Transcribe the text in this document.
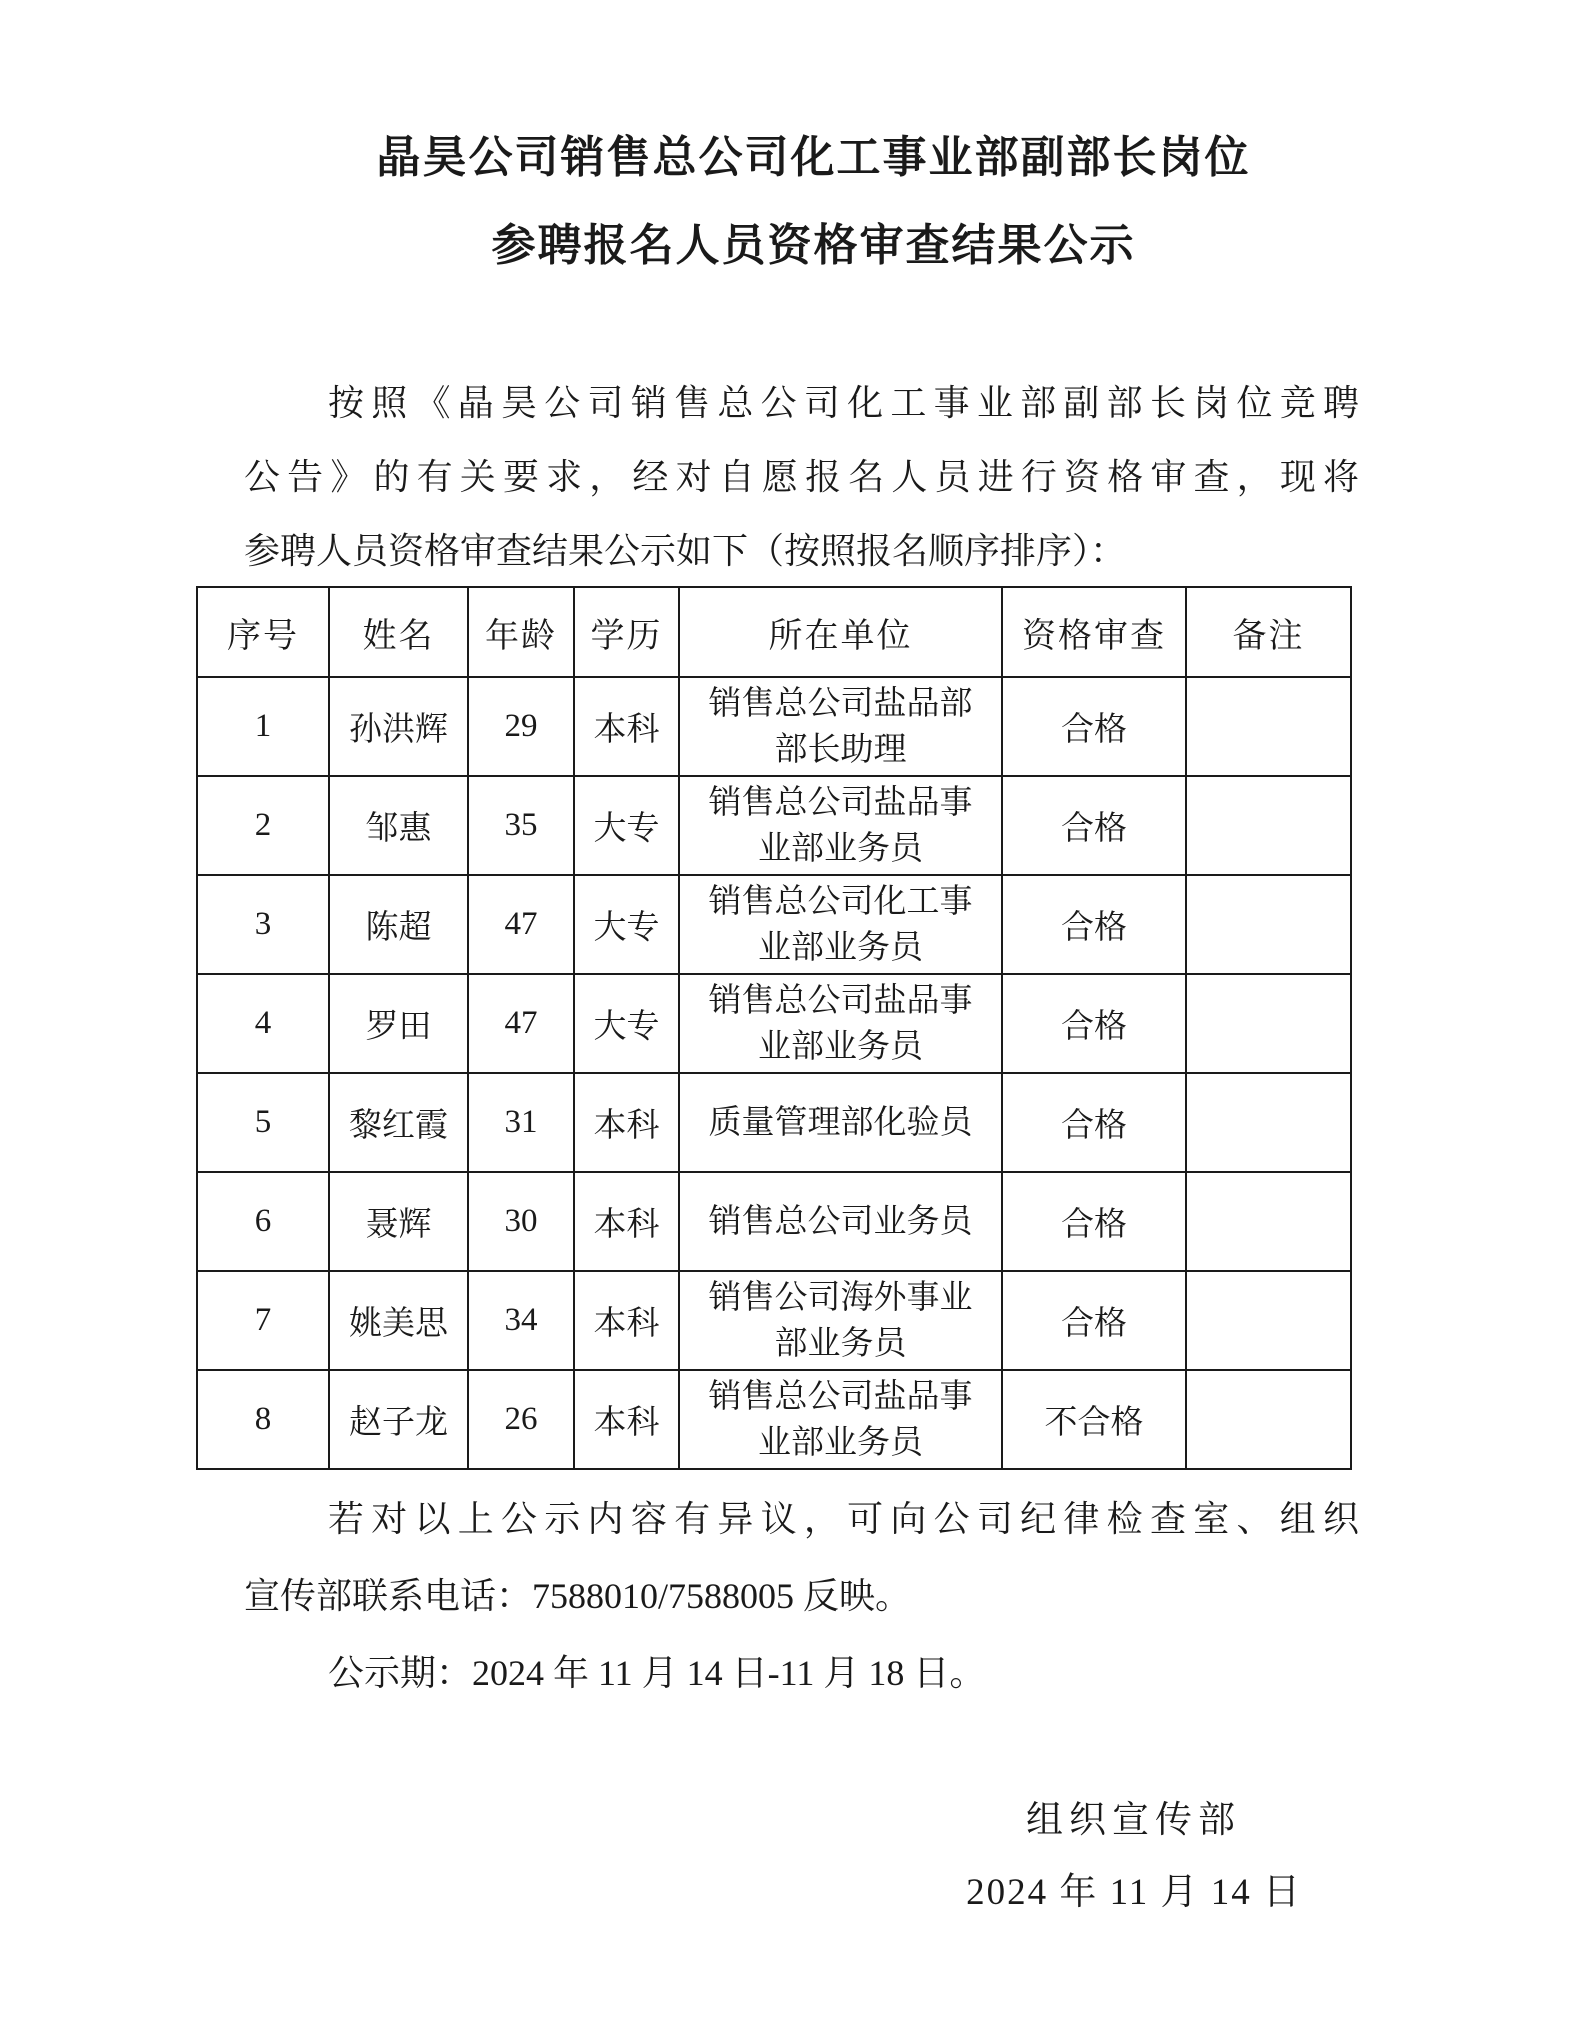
晶昊公司销售总公司化工事业部副部长岗位
参聘报名人员资格审查结果公示
按照《晶昊公司销售总公司化工事业部副部长岗位竞聘
公告》的有关要求，经对自愿报名人员进行资格审查，现将
参聘人员资格审查结果公示如下（按照报名顺序排序）：
序号	姓名	年龄	学历	所在单位	资格审查	备注
1	孙洪辉	29	本科	销售总公司盐品部部长助理	合格	
2	邹惠	35	大专	销售总公司盐品事业部业务员	合格	
3	陈超	47	大专	销售总公司化工事业部业务员	合格	
4	罗田	47	大专	销售总公司盐品事业部业务员	合格	
5	黎红霞	31	本科	质量管理部化验员	合格	
6	聂辉	30	本科	销售总公司业务员	合格	
7	姚美思	34	本科	销售公司海外事业部业务员	合格	
8	赵子龙	26	本科	销售总公司盐品事业部业务员	不合格	
若对以上公示内容有异议，可向公司纪律检查室、组织
宣传部联系电话：7588010/7588005 反映。
公示期：2024 年 11 月 14 日-11 月 18 日。
组织宣传部
2024 年 11 月 14 日
